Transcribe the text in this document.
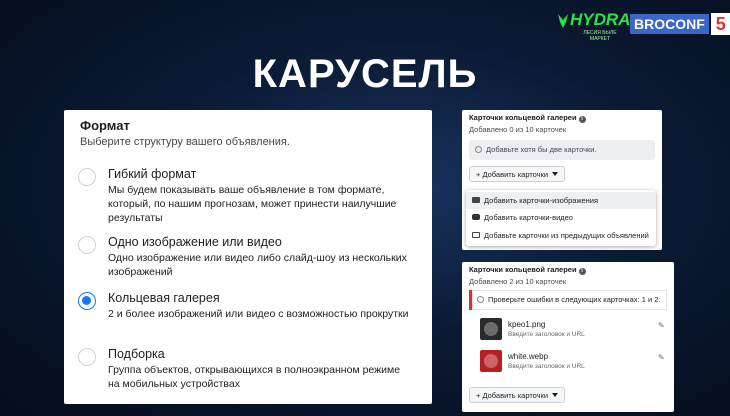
HYDRA
ЛЕСИЯ БЫЛЕ МАРКЕТ
BROCONF 5
КАРУСЕЛЬ
Формат
Выберите структуру вашего объявления.
Гибкий формат
Мы будем показывать ваше объявление в том формате, который, по нашим прогнозам, может принести наилучшие результаты
Одно изображение или видео
Одно изображение или видео либо слайд-шоу из нескольких изображений
Кольцевая галерея
2 и более изображений или видео с возможностью прокрутки
Подборка
Группа объектов, открывающихся в полноэкранном режиме на мобильных устройствах
Карточки кольцевой галереи i
Добавлено 0 из 10 карточек
Добавьте хотя бы две карточки.
+ Добавить карточки
Добавить карточки-изображения
Добавить карточки-видео
Добавьте карточки из предыдущих объявлений
Карточки кольцевой галереи i
Добавлено 2 из 10 карточек
Проверьте ошибки в следующих карточках: 1 и 2.
kpeo1.png
Введите заголовок и URL
✎
white.webp
Введите заголовок и URL
✎
+ Добавить карточки
